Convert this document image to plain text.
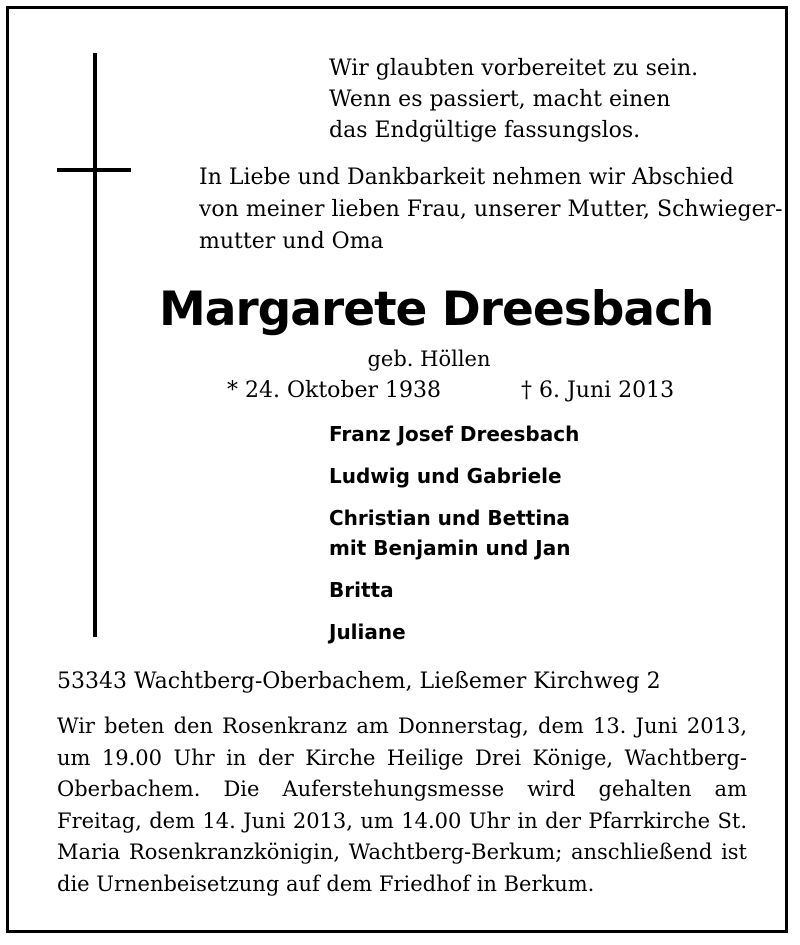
Wir glaubten vorbereitet zu sein.
Wenn es passiert, macht einen
das Endgültige fassungslos.
In Liebe und Dankbarkeit nehmen wir Abschied
von meiner lieben Frau, unserer Mutter, Schwieger-
mutter und Oma
Margarete Dreesbach
geb. Höllen
* 24. Oktober 1938	† 6. Juni 2013
Franz Josef Dreesbach
Ludwig und Gabriele
Christian und Bettina
mit Benjamin und Jan
Britta
Juliane
53343 Wachtberg-Oberbachem, Ließemer Kirchweg 2
Wir beten den Rosenkranz am Donnerstag, dem 13. Juni 2013, um 19.00 Uhr in der Kirche Heilige Drei Könige, Wachtberg-Oberbachem. Die Auferstehungsmesse wird gehalten am Freitag, dem 14. Juni 2013, um 14.00 Uhr in der Pfarrkirche St. Maria Rosenkranzkönigin, Wachtberg-Berkum; anschließend ist die Urnenbeisetzung auf dem Friedhof in Berkum.
